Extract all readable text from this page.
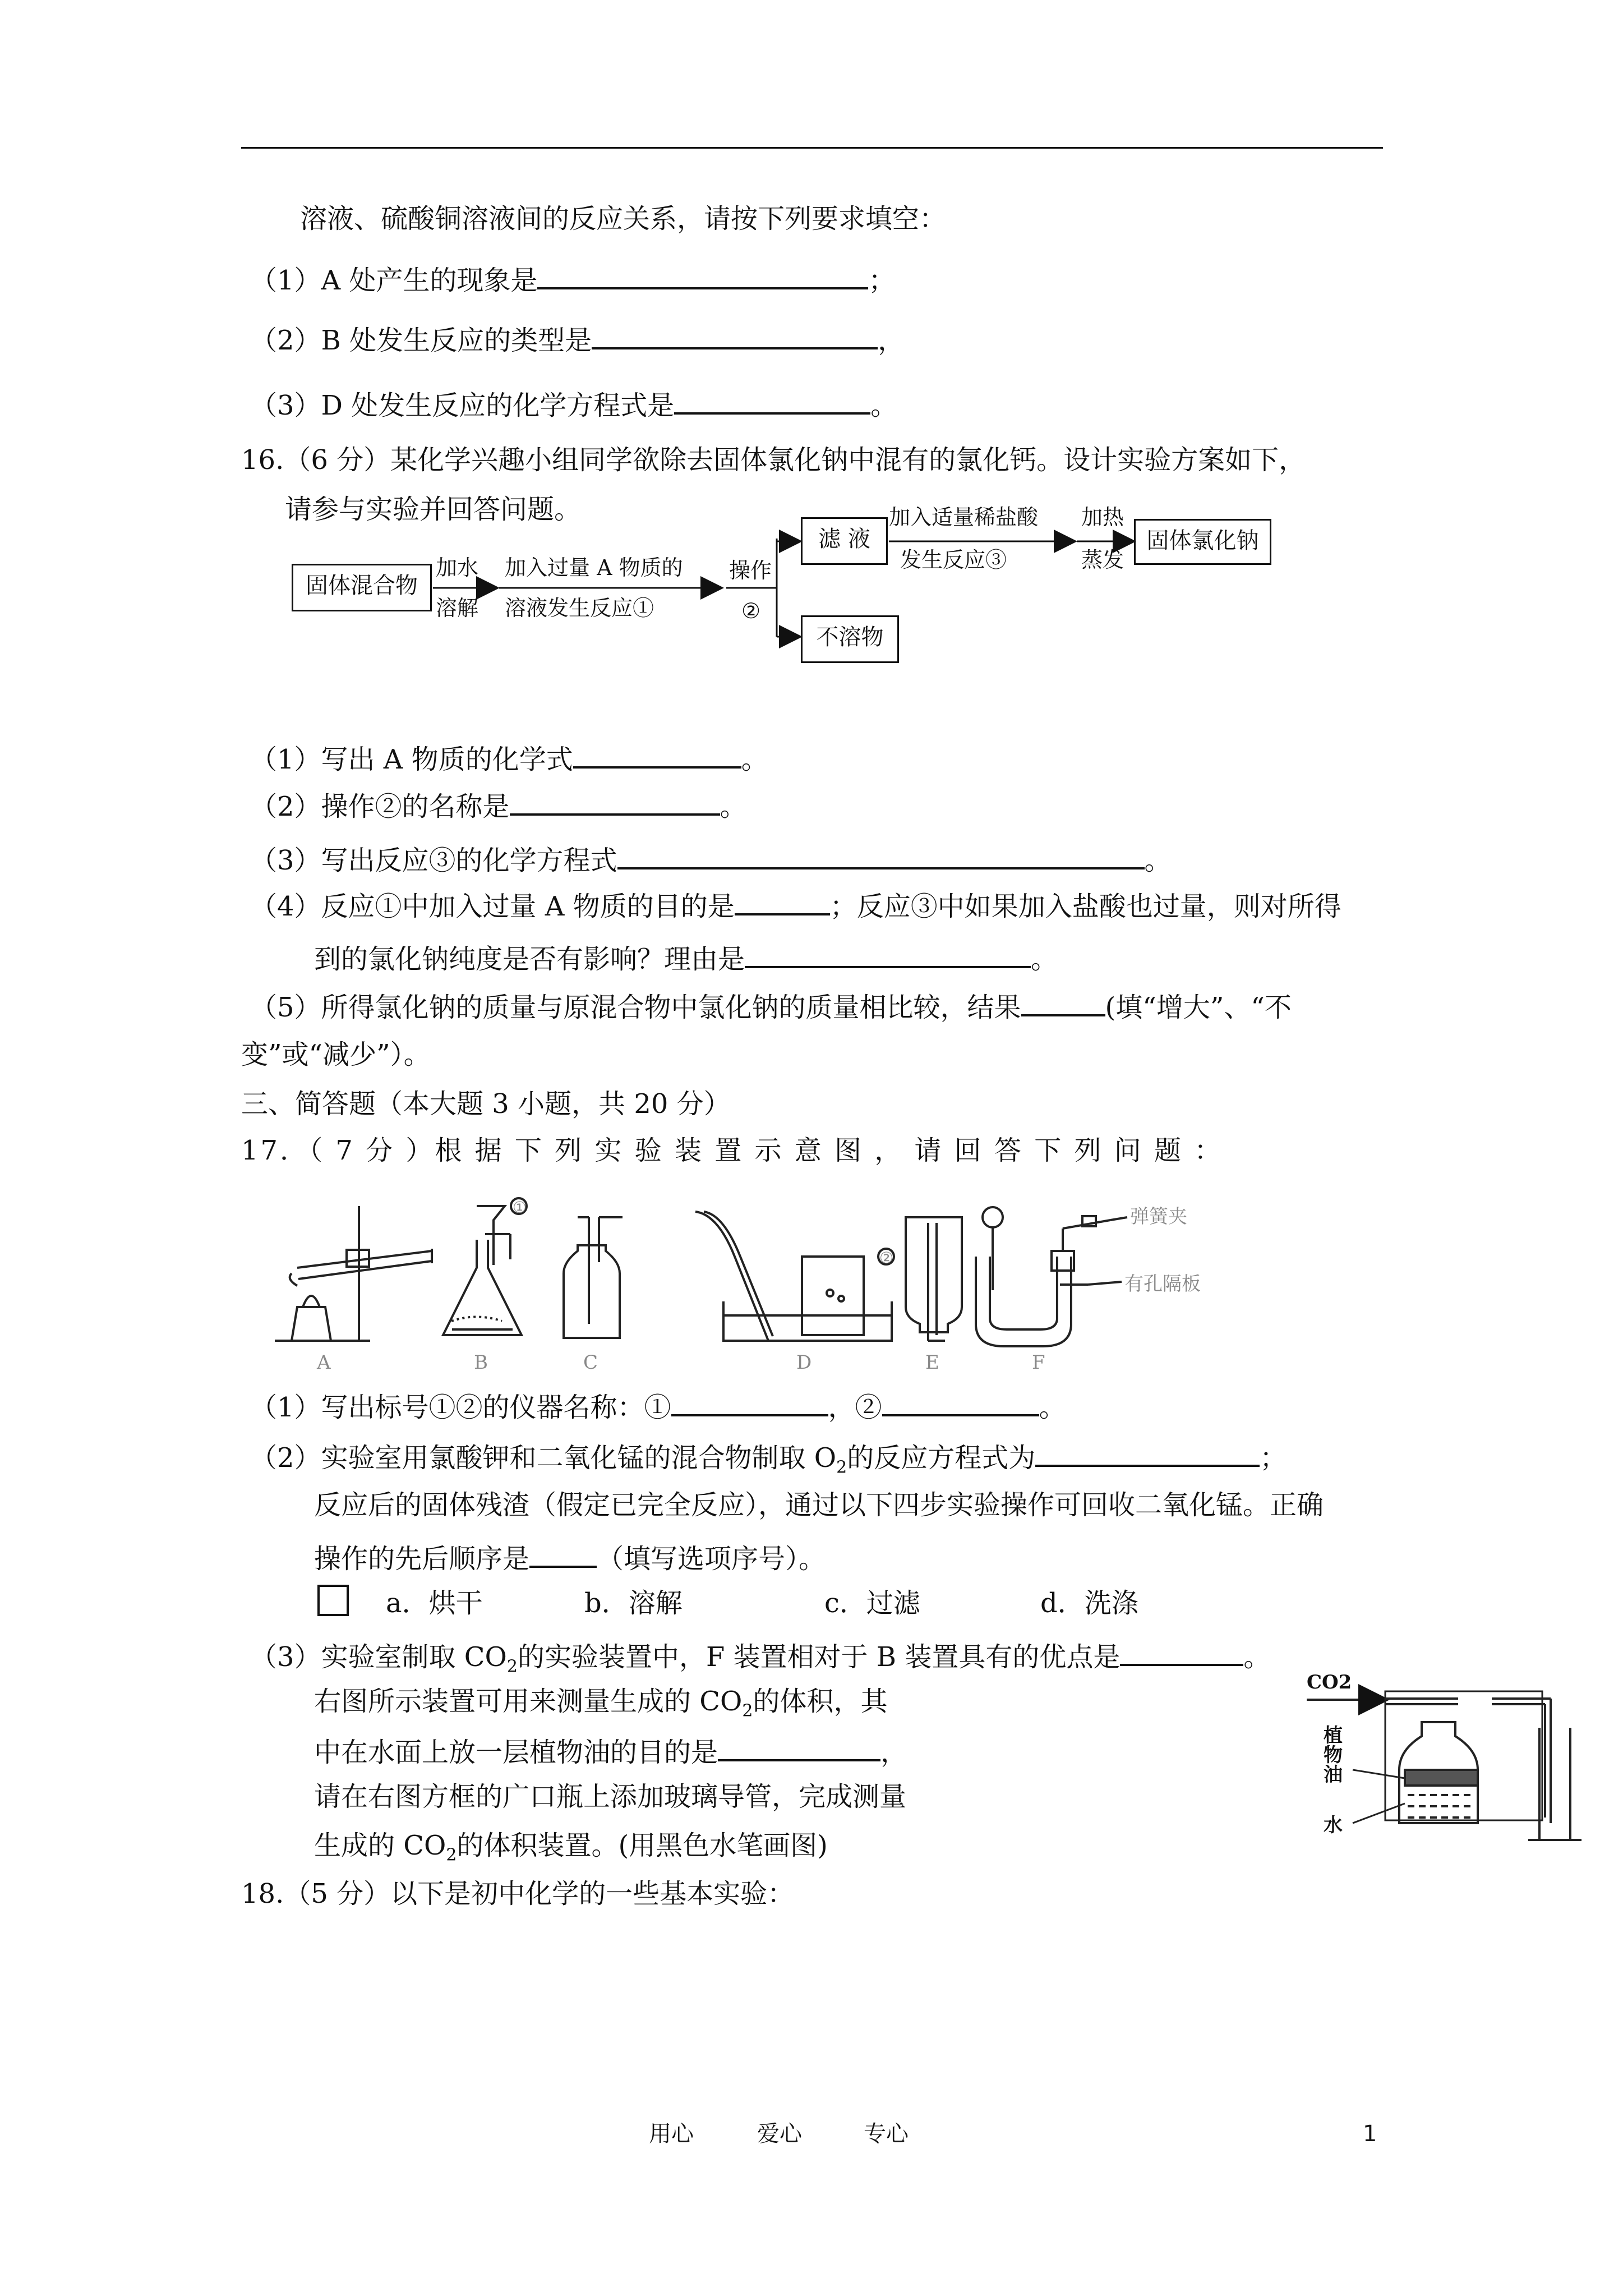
溶液、硫酸铜溶液间的反应关系，请按下列要求填空：
（1）A 处产生的现象是	；
（2）B 处发生反应的类型是	，
（3）D 处发生反应的化学方程式是	。
16.（6 分）某化学兴趣小组同学欲除去固体氯化钠中混有的氯化钙。设计实验方案如下，
请参与实验并回答问题。
固体混合物
加水
溶解
加入过量 A 物质的
溶液发生反应①
操作
②
滤 液
加入适量稀盐酸
发生反应③
加热
蒸发
固体氯化钠
不溶物
（1）写出 A 物质的化学式	。
（2）操作②的名称是	。
（3）写出反应③的化学方程式	。
（4）反应①中加入过量 A 物质的目的是	；反应③中如果加入盐酸也过量，则对所得
到的氯化钠纯度是否有影响？理由是	。
（5）所得氯化钠的质量与原混合物中氯化钠的质量相比较，结果	(填“增大”、“不
变”或“减少”）。
三、简答题（本大题 3 小题，共 20 分）
17．（ 7 分 ）根 据 下 列 实 验 装 置 示 意 图 ， 请 回 答 下 列 问 题 ：
A	B	C	D	E	F
①
②
弹簧夹
有孔隔板
（1）写出标号①②的仪器名称：①	，②	。
（2）实验室用氯酸钾和二氧化锰的混合物制取 $O_2$的反应方程式为	；
反应后的固体残渣（假定已完全反应），通过以下四步实验操作可回收二氧化锰。正确
操作的先后顺序是	（填写选项序号）。
a．烘干	b．溶解	c．过滤	d．洗涤
（3）实验室制取 $CO_2$的实验装置中，F 装置相对于 B 装置具有的优点是	。
右图所示装置可用来测量生成的 $CO_2$的体积，其
中在水面上放一层植物油的目的是	，
请在右图方框的广口瓶上添加玻璃导管，完成测量
生成的 $CO_2$的体积装置。(用黑色水笔画图)
CO2
植
物
油
水
18.（5 分）以下是初中化学的一些基本实验：
用心	爱心	专心	1
